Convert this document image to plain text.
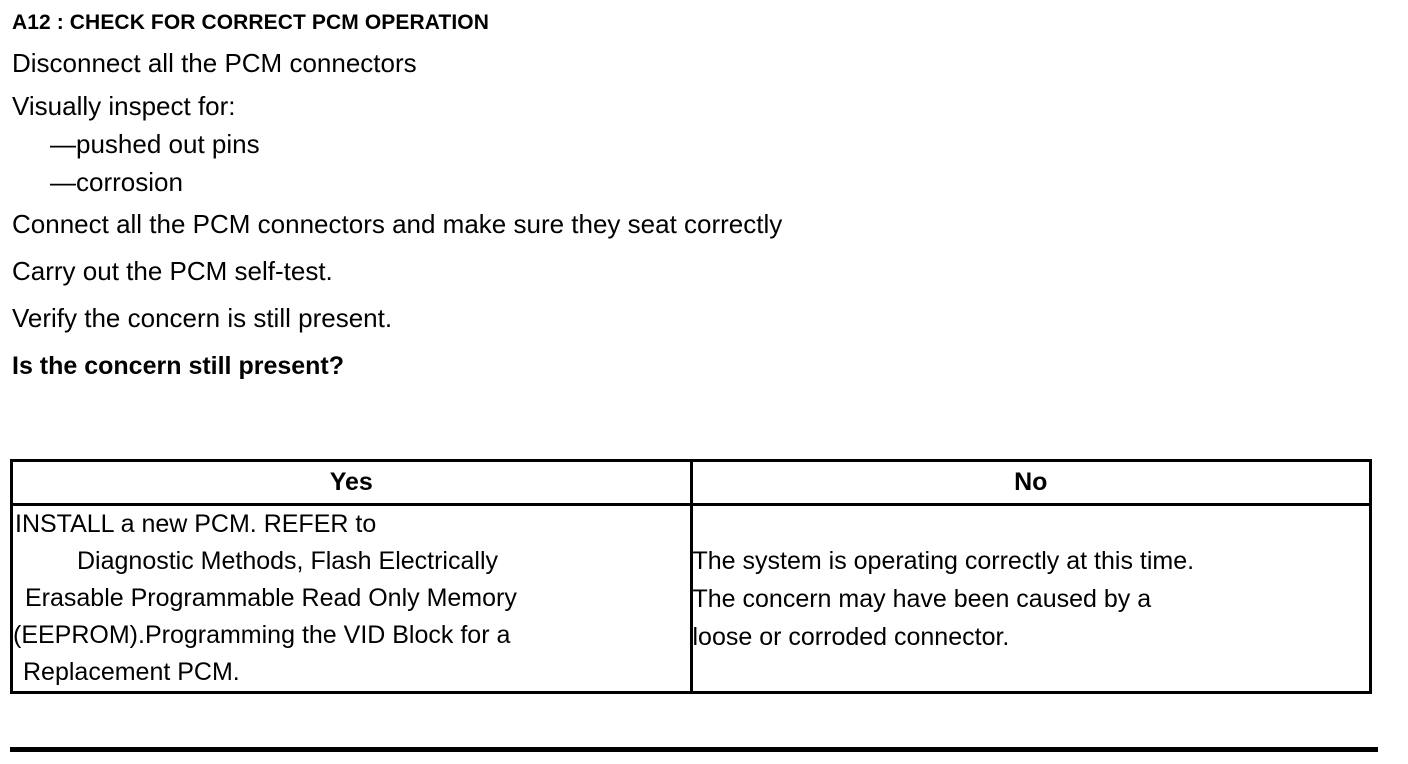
A12 : CHECK FOR CORRECT PCM OPERATION
Disconnect all the PCM connectors
Visually inspect for:
—pushed out pins
—corrosion
Connect all the PCM connectors and make sure they seat correctly
Carry out the PCM self-test.
Verify the concern is still present.
Is the concern still present?
Yes	No

INSTALL a new PCM. REFER to
Diagnostic Methods, Flash Electrically
Erasable Programmable Read Only Memory
(EEPROM).Programming the VID Block for a
Replacement PCM.

The system is operating correctly at this time.
The concern may have been caused by a
loose or corroded connector.
